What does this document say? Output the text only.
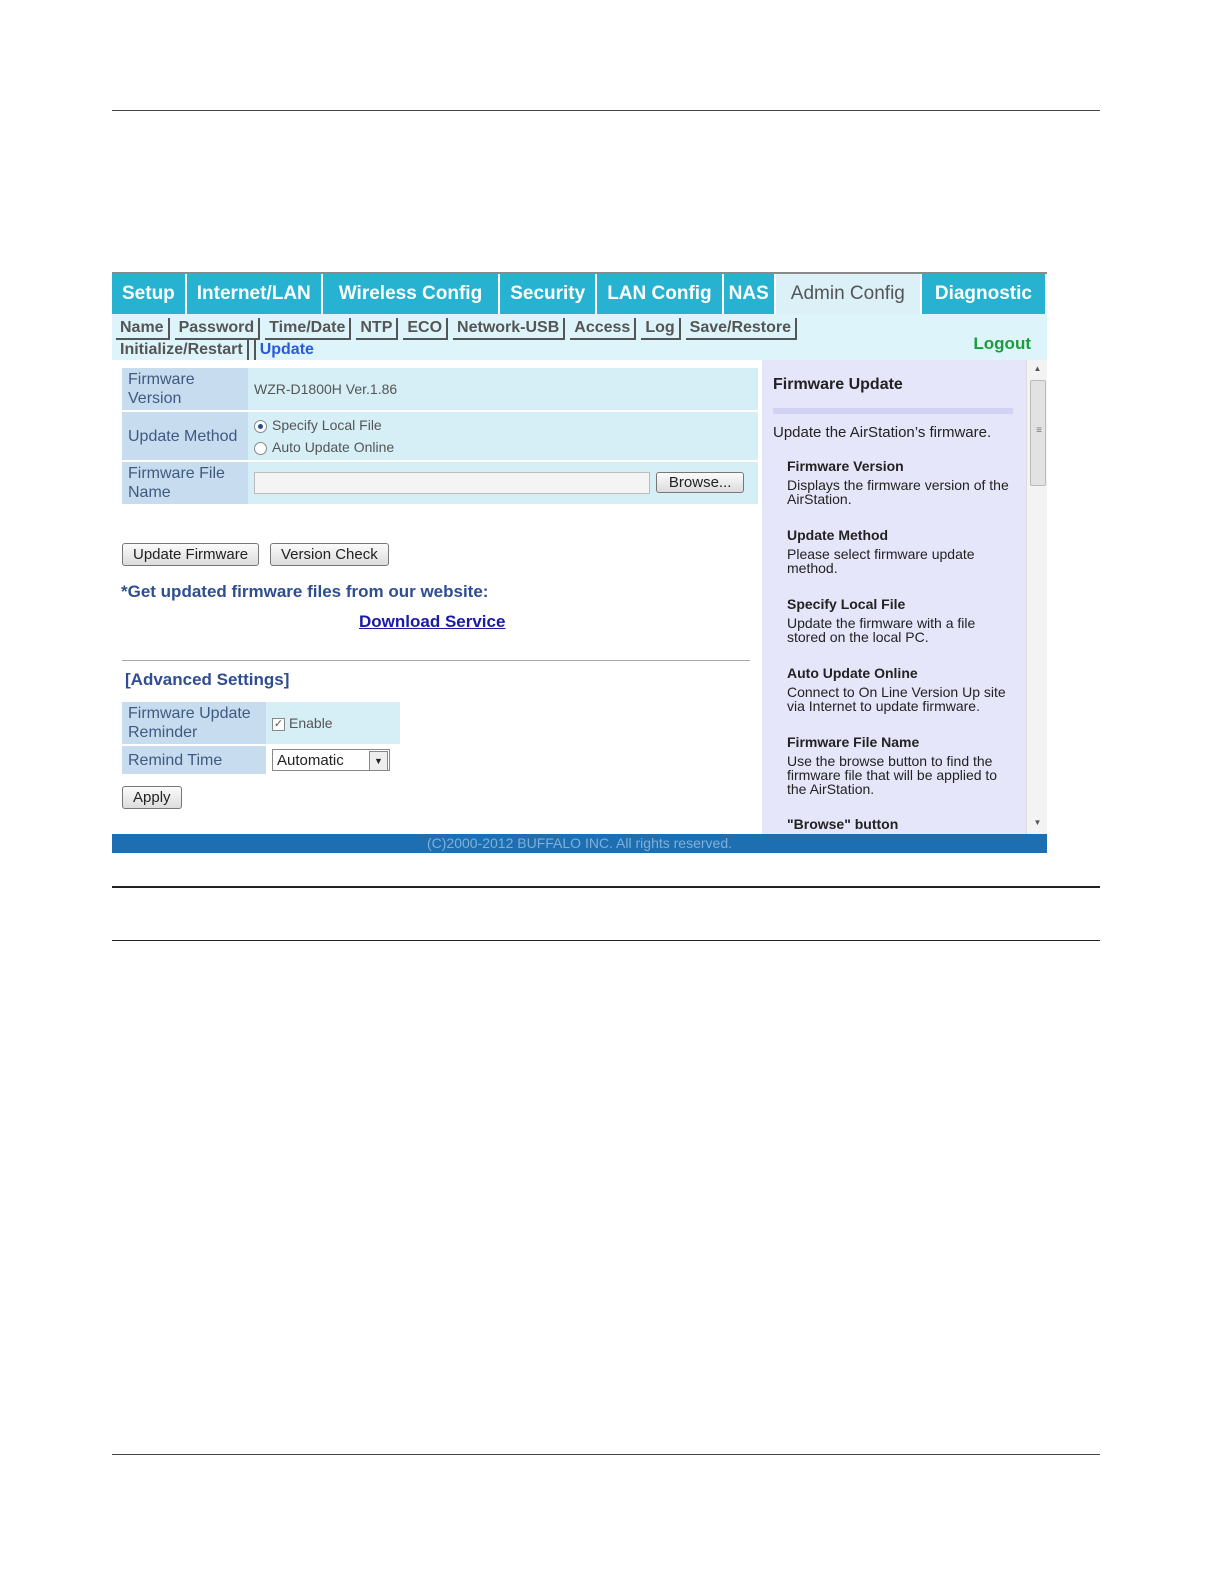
Setup	Internet/LAN	Wireless Config	Security	LAN Config NAS	Admin Config	Diagnostic
Name Password Time/Date NTP ECO Network-USB Access Log Save/Restore
Initialize/Restart	Update	Logout
Firmware Version	WZR-D1800H Ver.1.86
Update Method	Specify Local File
Auto Update Online

Firmware File Name	Browse...
Update Firmware	Version Check
*Get updated firmware files from our website:
Download Service
[Advanced Settings]
Firmware Update Reminder	✓ Enable
Remind Time	Automatic ▼
Apply
Firmware Update
Update the AirStation’s firmware.

Firmware Version

Displays the firmware version of the AirStation.

Update Method

Please select firmware update method.

Specify Local File

Update the firmware with a file stored on the local PC.

Auto Update Online

Connect to On Line Version Up site via Internet to update firmware.

Firmware File Name

Use the browse button to find the firmware file that will be applied to the AirStation.

"Browse" button

▲
≡
▼
(C)2000-2012 BUFFALO INC. All rights reserved.
